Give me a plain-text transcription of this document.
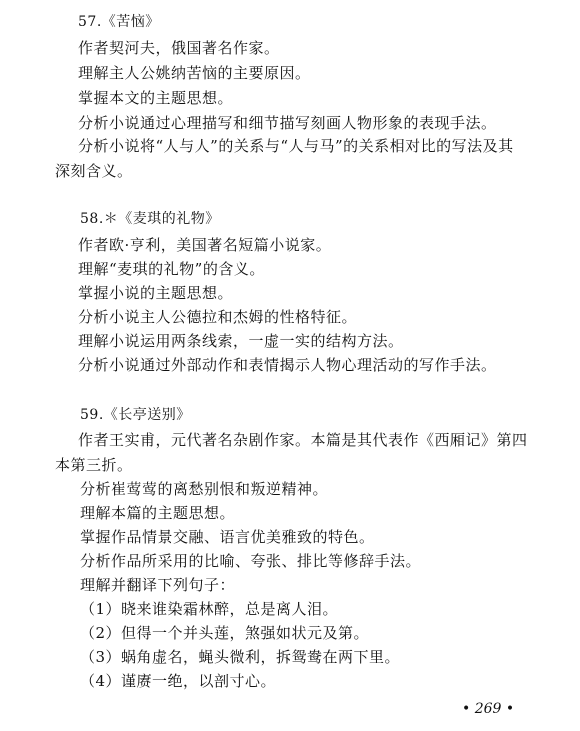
57.《苦恼》
作者契河夫，俄国著名作家。
理解主人公姚纳苦恼的主要原因。
掌握本文的主题思想。
分析小说通过心理描写和细节描写刻画人物形象的表现手法。
分析小说将“人与人”的关系与“人与马”的关系相对比的写法及其
深刻含义。
58.＊《麦琪的礼物》
作者欧·亨利，美国著名短篇小说家。
理解“麦琪的礼物”的含义。
掌握小说的主题思想。
分析小说主人公德拉和杰姆的性格特征。
理解小说运用两条线索，一虚一实的结构方法。
分析小说通过外部动作和表情揭示人物心理活动的写作手法。
59.《长亭送别》
作者王实甫，元代著名杂剧作家。本篇是其代表作《西厢记》第四
本第三折。
分析崔莺莺的离愁别恨和叛逆精神。
理解本篇的主题思想。
掌握作品情景交融、语言优美雅致的特色。
分析作品所采用的比喻、夸张、排比等修辞手法。
理解并翻译下列句子：
（1）晓来谁染霜林醉，总是离人泪。
（2）但得一个并头莲，煞强如状元及第。
（3）蜗角虚名，蝇头微利，拆鸳鸯在两下里。
（4）谨赓一绝，以剖寸心。
• 269 •
